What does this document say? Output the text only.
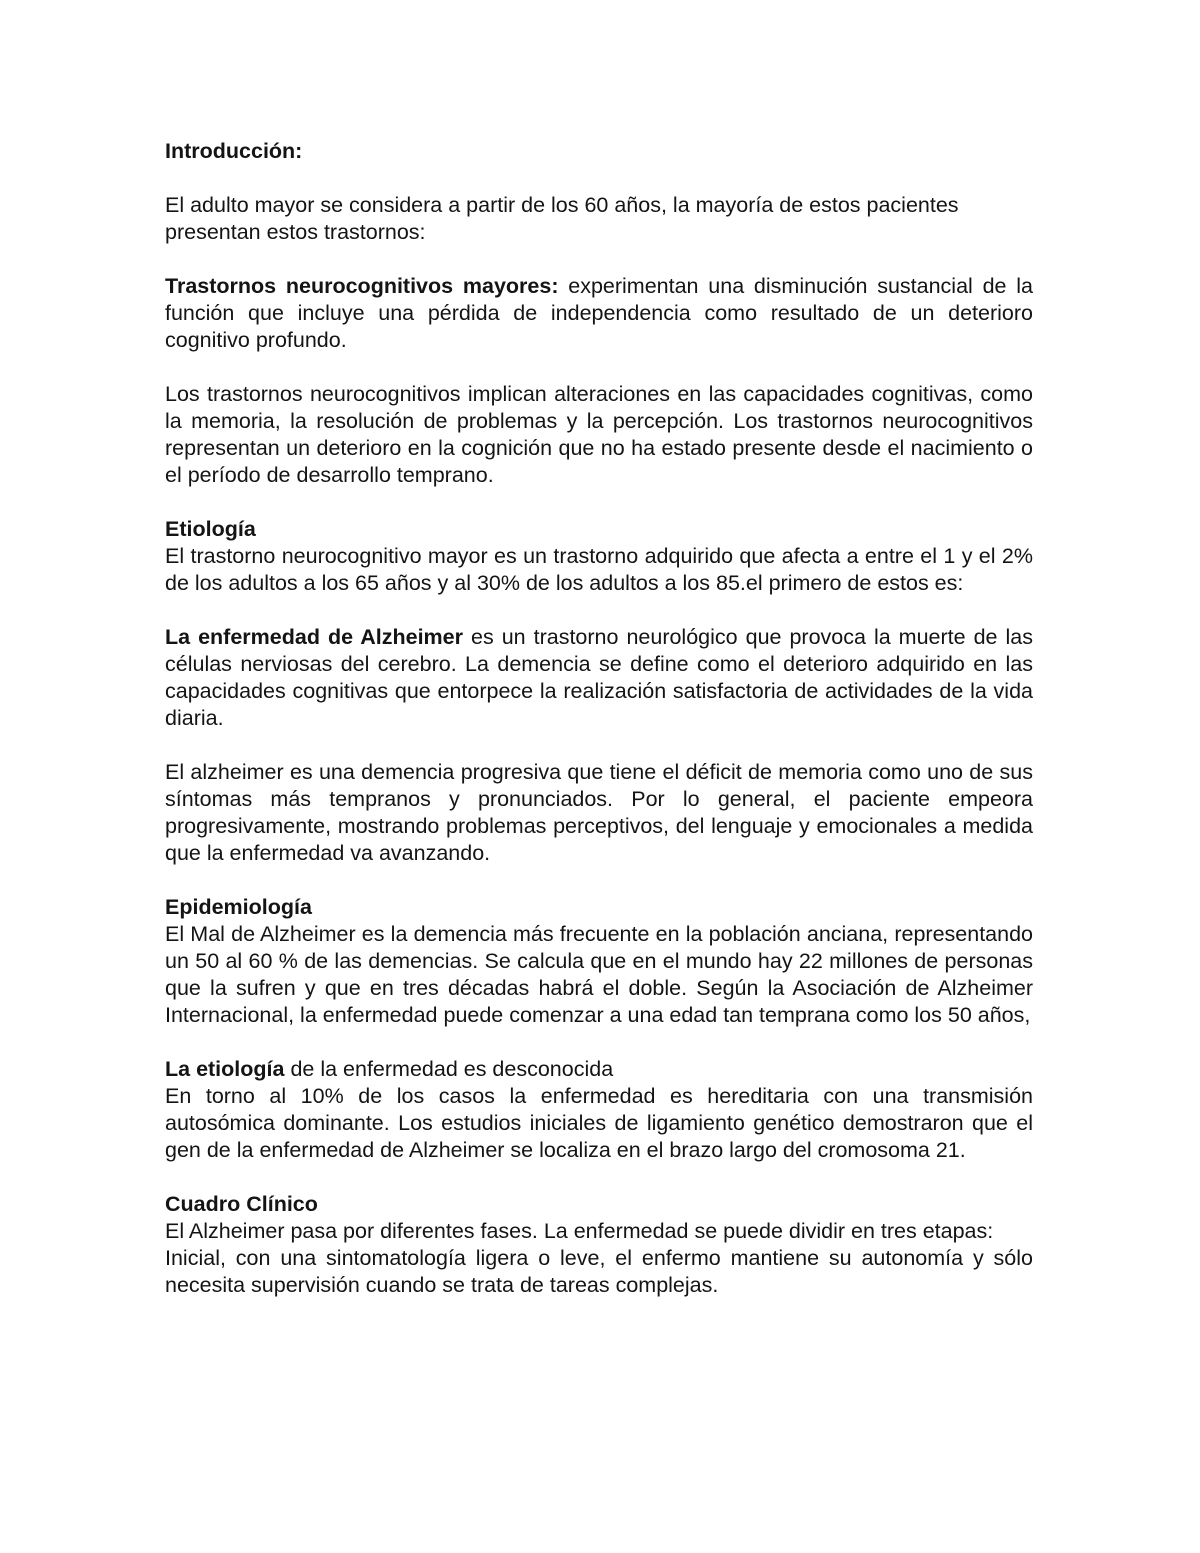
Introducción:

El adulto mayor se considera a partir de los 60 años, la mayoría de estos pacientes presentan estos trastornos:

Trastornos neurocognitivos mayores: experimentan una disminución sustancial de la función que incluye una pérdida de independencia como resultado de un deterioro cognitivo profundo.

Los trastornos neurocognitivos implican alteraciones en las capacidades cognitivas, como la memoria, la resolución de problemas y la percepción. Los trastornos neurocognitivos representan un deterioro en la cognición que no ha estado presente desde el nacimiento o el período de desarrollo temprano.

Etiología

El trastorno neurocognitivo mayor es un trastorno adquirido que afecta a entre el 1 y el 2% de los adultos a los 65 años y al 30% de los adultos a los 85.el primero de estos es:

La enfermedad de Alzheimer es un trastorno neurológico que provoca la muerte de las células nerviosas del cerebro. La demencia se define como el deterioro adquirido en las capacidades cognitivas que entorpece la realización satisfactoria de actividades de la vida diaria.

El alzheimer es una demencia progresiva que tiene el déficit de memoria como uno de sus síntomas más tempranos y pronunciados. Por lo general, el paciente empeora progresivamente, mostrando problemas perceptivos, del lenguaje y emocionales a medida que la enfermedad va avanzando.

Epidemiología

El Mal de Alzheimer es la demencia más frecuente en la población anciana, representando un 50 al 60 % de las demencias. Se calcula que en el mundo hay 22 millones de personas que la sufren y que en tres décadas habrá el doble. Según la Asociación de Alzheimer Internacional, la enfermedad puede comenzar a una edad tan temprana como los 50 años,

La etiología de la enfermedad es desconocida

En torno al 10% de los casos la enfermedad es hereditaria con una transmisión autosómica dominante. Los estudios iniciales de ligamiento genético demostraron que el gen de la enfermedad de Alzheimer se localiza en el brazo largo del cromosoma 21.

Cuadro Clínico

El Alzheimer pasa por diferentes fases. La enfermedad se puede dividir en tres etapas:

Inicial, con una sintomatología ligera o leve, el enfermo mantiene su autonomía y sólo necesita supervisión cuando se trata de tareas complejas.
